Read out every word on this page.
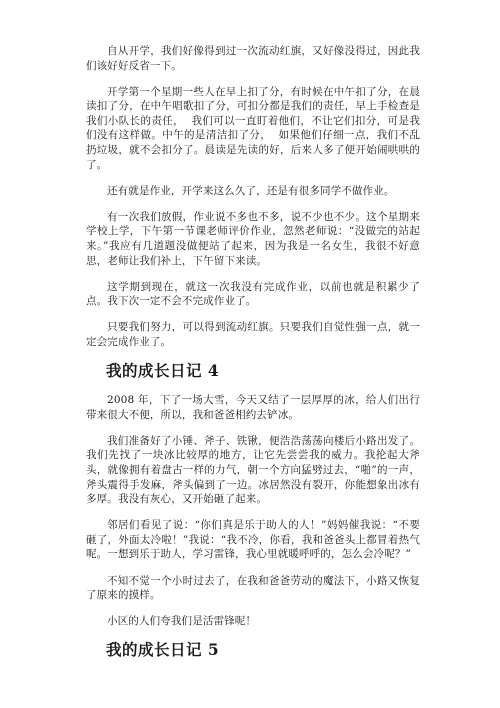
自从开学，我们好像得到过一次流动红旗，又好像没得过，因此我们该好好反省一下。

开学第一个星期一些人在早上扣了分，有时候在中午扣了分，在晨读扣了分，在中午唱歌扣了分，可扣分都是我们的责任，早上手检查是我们小队长的责任，  我们可以一直盯着他们，不让它们扣分，可是我们没有这样做。中午的是清洁扣了分，  如果他们仔细一点，我们不乱扔垃圾，就不会扣分了。晨读是先读的好，后来人多了便开始闹哄哄的了。

还有就是作业，开学来这么久了，还是有很多同学不做作业。

有一次我们放假，作业说不多也不多，说不少也不少。这个星期来学校上学，下午第一节课老师评价作业，忽然老师说：“没做完的站起来。”我应有几道题没做便站了起来，因为我是一名女生，我很不好意思，老师让我们补上，下午留下来读。

这学期到现在，就这一次我没有完成作业，以前也就是积累少了点。我下次一定不会不完成作业了。

只要我们努力，可以得到流动红旗。只要我们自觉性强一点，就一定会完成作业了。

我的成长日记 4

2008 年，下了一场大雪，今天又结了一层厚厚的冰，给人们出行带来很大不便，所以，我和爸爸相约去铲冰。

我们准备好了小锤、斧子、铁锹，便浩浩荡荡向楼后小路出发了。我们先找了一块冰比较厚的地方，让它先尝尝我的威力。我抡起大斧头，就像拥有着盘古一样的力气，朝一个方向猛劈过去，“啪”的一声，斧头震得手发麻，斧头偏到了一边。冰居然没有裂开，你能想象出冰有多厚。我没有灰心，又开始砸了起来。

邻居们看见了说：“你们真是乐于助人的人！”妈妈催我说：“不要砸了，外面太冷啦！”我说：“我不冷，你看，我和爸爸头上都冒着热气呢。一想到乐于助人，学习雷锋，我心里就暖呼呼的，怎么会冷呢？”

不知不觉一个小时过去了，在我和爸爸劳动的魔法下，小路又恢复了原来的摸样。

小区的人们夸我们是活雷锋呢！

我的成长日记 5
